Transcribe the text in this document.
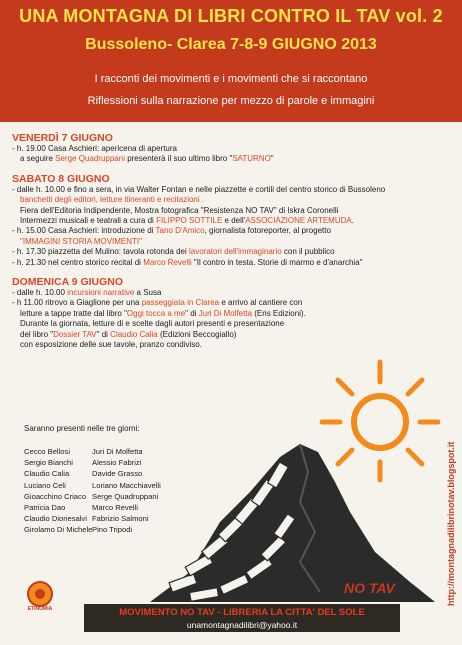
UNA MONTAGNA DI LIBRI CONTRO IL TAV vol. 2
Bussoleno- Clarea 7-8-9 GIUGNO 2013
I racconti dei movimenti e i movimenti che si raccontano
Riflessioni sulla narrazione per mezzo di parole e immagini

VENERDÌ 7 GIUGNO

- h. 19.00 Casa Aschieri: apericena di apertura

a seguire Serge Quadruppani presenterà il suo ultimo libro "SATURNO"

SABATO 8 GIUGNO

- dalle h. 10.00 e fino a sera, in via Walter Fontan e nelle piazzette e cortili del centro storico di Bussoleno

banchetti degli editori, letture itineranti e recitazioni .

Fiera dell'Editoria Indipendente, Mostra fotografica "Resistenza NO TAV" di Iskra Coronelli

Intermezzi musicali e teatrali a cura di FILIPPO SOTTILE e dell'ASSOCIAZIONE ARTEMUDA.

- h. 15.00 Casa Aschieri: introduzione di Tano D'Amico, giornalista fotoreporter, al progetto

"IMMAGINI STORIA MOVIMENTI"

- h. 17.30 piazzetta del Mulino: tavola rotonda dei lavoratori dell'immaginario con il pubblico

- h. 21.30 nel centro storico recital di Marco Revelli "Il contro in testa. Storie di marmo e d'anarchia"

DOMENICA 9 GIUGNO

- dalle h. 10.00 incursioni narrative a Susa

- h 11.00 ritrovo a Giaglione per una passeggiata in Clarea e arrivo al cantiere con

letture a tappe tratte dal libro "Oggi tocca a me" di Juri Di Molfetta (Eris Edizioni).

Durante la giornata, letture di e scelte dagli autori presenti e presentazione

del libro "Dossier TAV" di Claudio Calia (Edizioni Beccogiallo)

con esposizione delle sue tavole, pranzo condiviso.

Saranno presenti nelle tre giorni:
Cecco Bellosi
Sergio Bianchi
Claudio Calia
Luciano Celi
Gioacchino Criaco
Patricia Dao
Claudio Dionesalvi
Girolamo Di Michele
Juri Di Molfetta
Alessio Fabrizi
Davide Grasso
Loriano Macchiavelli
Serge Quadruppani
Marco Revelli
Fabrizio Salmoni
Pino Tripodi	http://montagnadilibrinotav.blogspot.it
ETINOMIA
NO TAV
MOVIMENTO NO TAV - LIBRERIA LA CITTA' DEL SOLE
unamontagnadilibri@yahoo.it
